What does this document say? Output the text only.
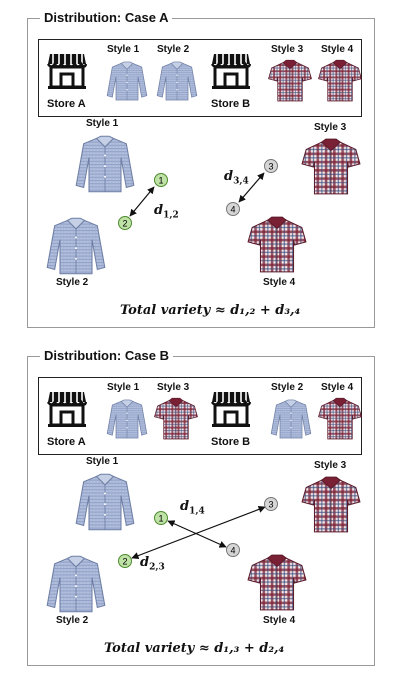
Distribution: Case A
Store A
Style 1 Style 2
Store B
Style 3 Style 4
Style 1
Style 2
Style 3
Style 4
1
2
3
4
$d_{1,2}$
$d_{3,4}$
Total variety ≈ d₁,₂ + d₃,₄
Distribution: Case B
Store A
Style 1 Style 3
Store B
Style 2 Style 4
Style 1
Style 2
Style 3
Style 4
1
2
3
4
$d_{1,4}$
$d_{2,3}$
Total variety ≈ d₁,₃ + d₂,₄
